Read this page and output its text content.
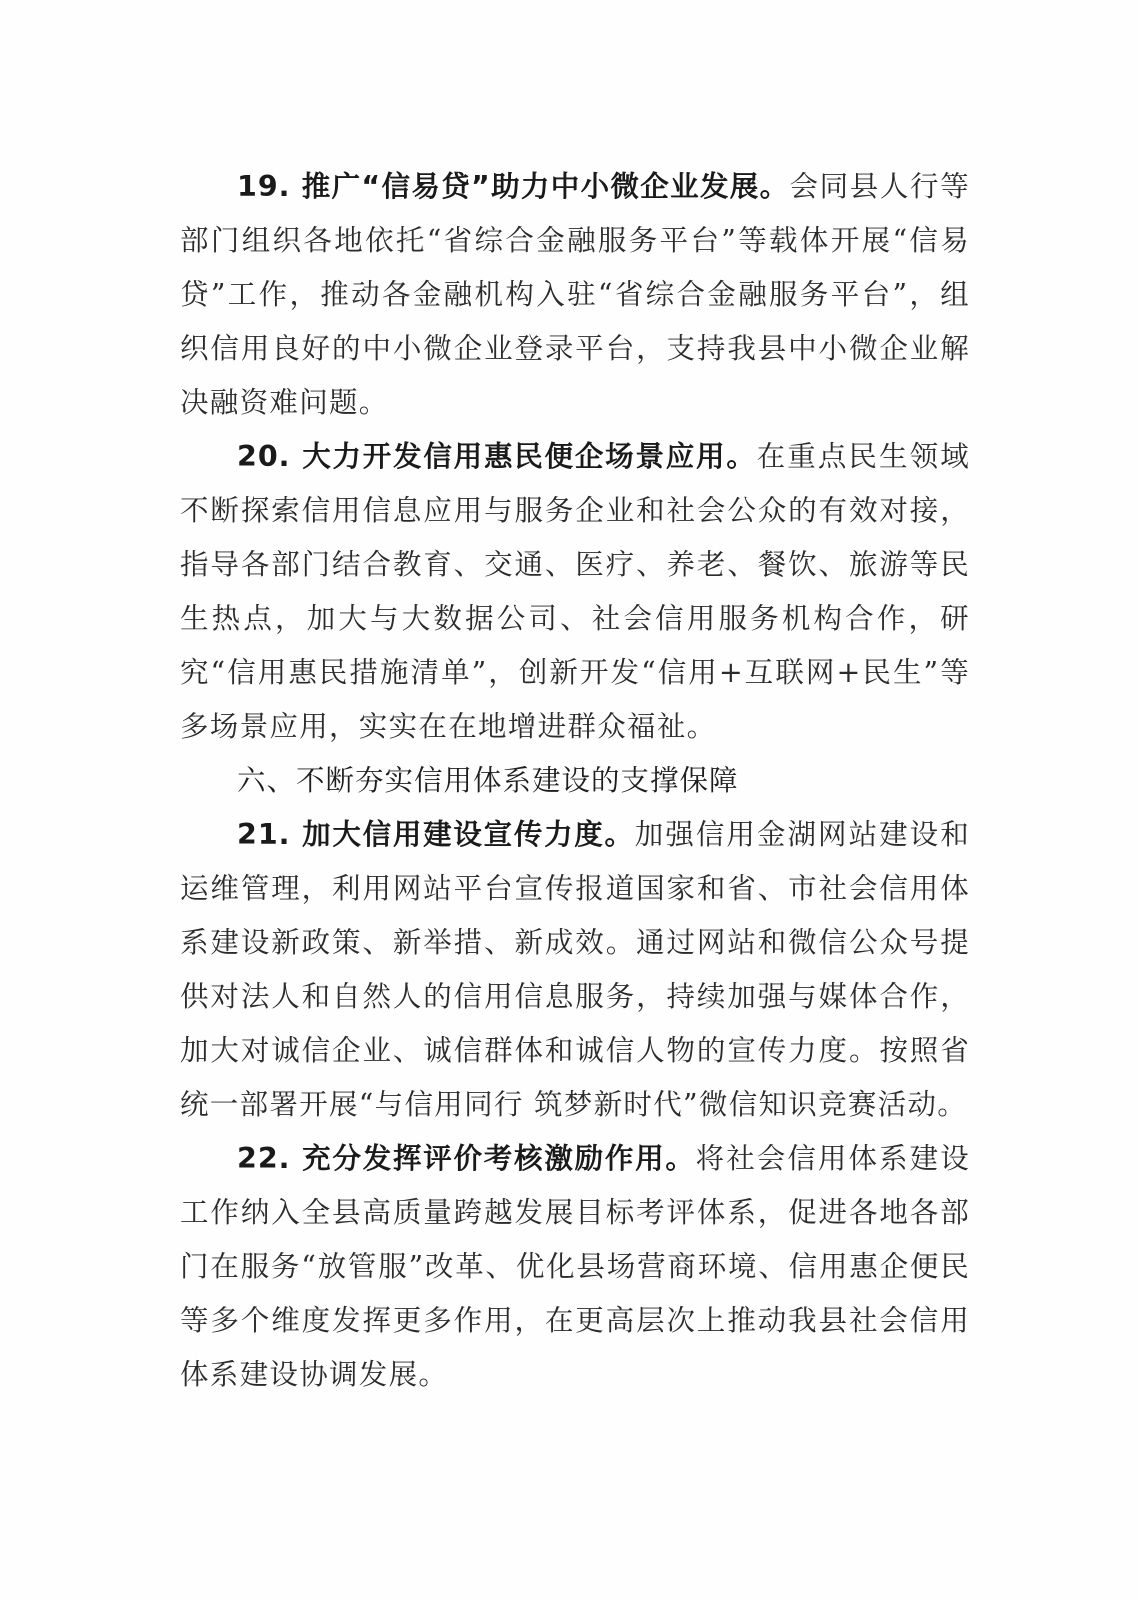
19. 推广“信易贷”助力中小微企业发展。会同县人行等部门组织各地依托“省综合金融服务平台”等载体开展“信易贷”工作，推动各金融机构入驻“省综合金融服务平台”，组织信用良好的中小微企业登录平台，支持我县中小微企业解决融资难问题。

20. 大力开发信用惠民便企场景应用。在重点民生领域不断探索信用信息应用与服务企业和社会公众的有效对接，指导各部门结合教育、交通、医疗、养老、餐饮、旅游等民生热点，加大与大数据公司、社会信用服务机构合作，研究“信用惠民措施清单”，创新开发“信用+互联网+民生”等多场景应用，实实在在地增进群众福祉。

六、不断夯实信用体系建设的支撑保障

21. 加大信用建设宣传力度。加强信用金湖网站建设和运维管理，利用网站平台宣传报道国家和省、市社会信用体系建设新政策、新举措、新成效。通过网站和微信公众号提供对法人和自然人的信用信息服务，持续加强与媒体合作，加大对诚信企业、诚信群体和诚信人物的宣传力度。按照省统一部署开展“与信用同行 筑梦新时代”微信知识竞赛活动。

22. 充分发挥评价考核激励作用。将社会信用体系建设工作纳入全县高质量跨越发展目标考评体系，促进各地各部门在服务“放管服”改革、优化县场营商环境、信用惠企便民等多个维度发挥更多作用，在更高层次上推动我县社会信用体系建设协调发展。
